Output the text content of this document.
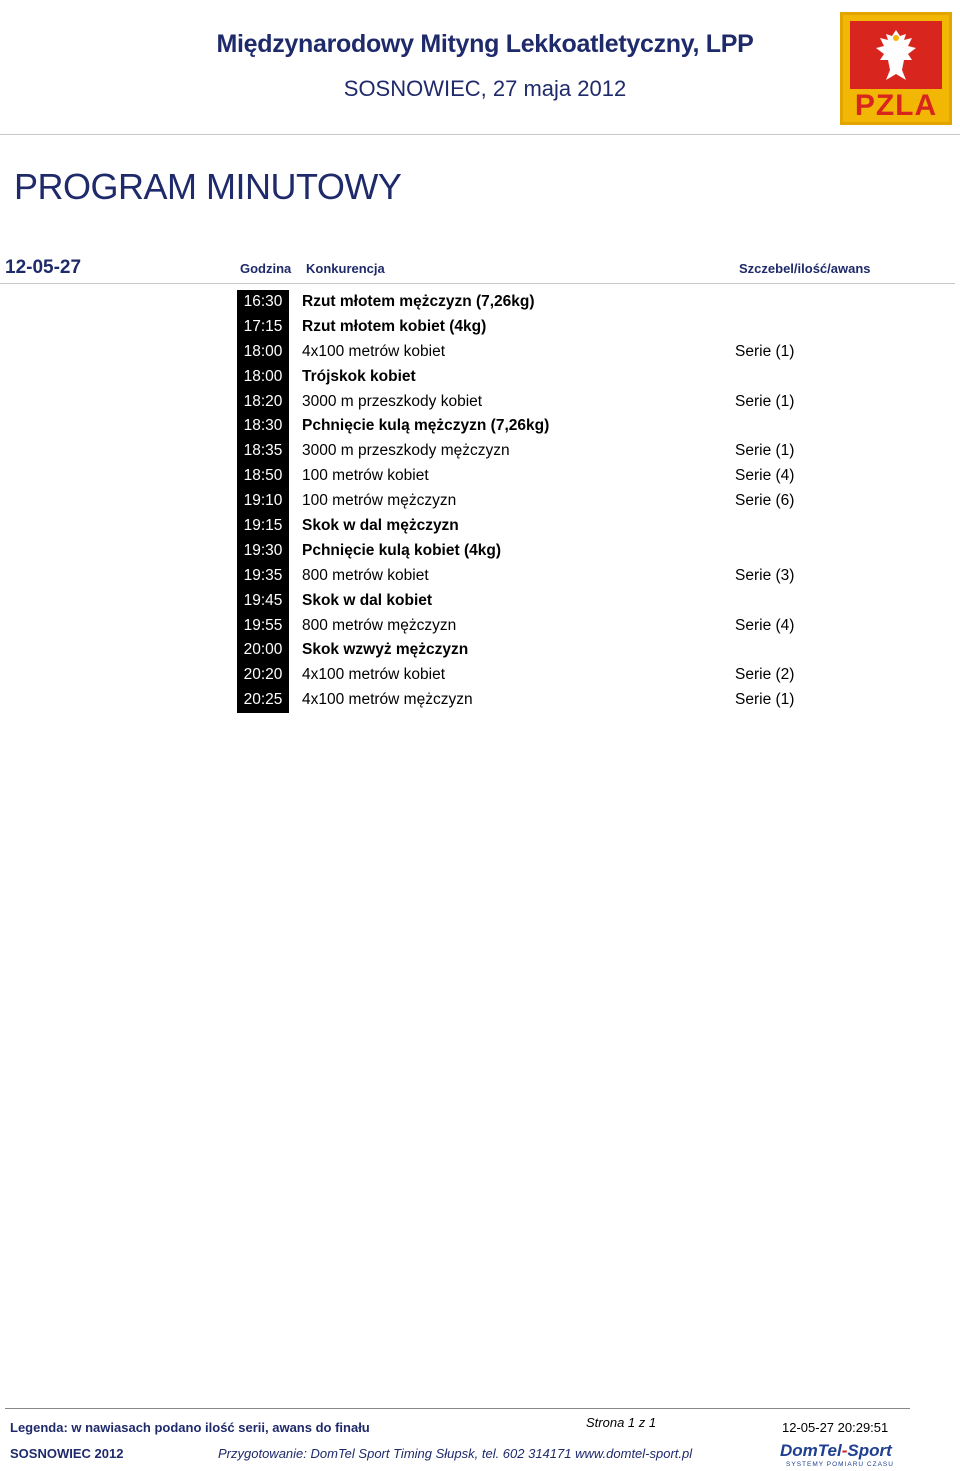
Międzynarodowy Mityng Lekkoatletyczny, LPP
SOSNOWIEC, 27 maja 2012
PZLA
PROGRAM MINUTOWY
12-05-27	Godzina Konkurencja	Szczebel/ilość/awans
16:30	Rzut młotem mężczyzn (7,26kg)
17:15	Rzut młotem kobiet (4kg)
18:00	4x100 metrów kobiet	Serie (1)
18:00	Trójskok kobiet
18:20	3000 m przeszkody kobiet	Serie (1)
18:30	Pchnięcie kulą mężczyzn (7,26kg)
18:35	3000 m przeszkody mężczyzn	Serie (1)
18:50	100 metrów kobiet	Serie (4)
19:10	100 metrów mężczyzn	Serie (6)
19:15	Skok w dal mężczyzn
19:30	Pchnięcie kulą kobiet (4kg)
19:35	800 metrów kobiet	Serie (3)
19:45	Skok w dal kobiet
19:55	800 metrów mężczyzn	Serie (4)
20:00	Skok wzwyż mężczyzn
20:20	4x100 metrów kobiet	Serie (2)
20:25	4x100 metrów mężczyzn	Serie (1)
Legenda: w nawiasach podano ilość serii, awans do finału	Strona 1 z 1	12-05-27 20:29:51
SOSNOWIEC 2012	Przygotowanie: DomTel Sport Timing Słupsk, tel. 602 314171 www.domtel-sport.pl	DomTel-Sport
SYSTEMY POMIARU CZASU
